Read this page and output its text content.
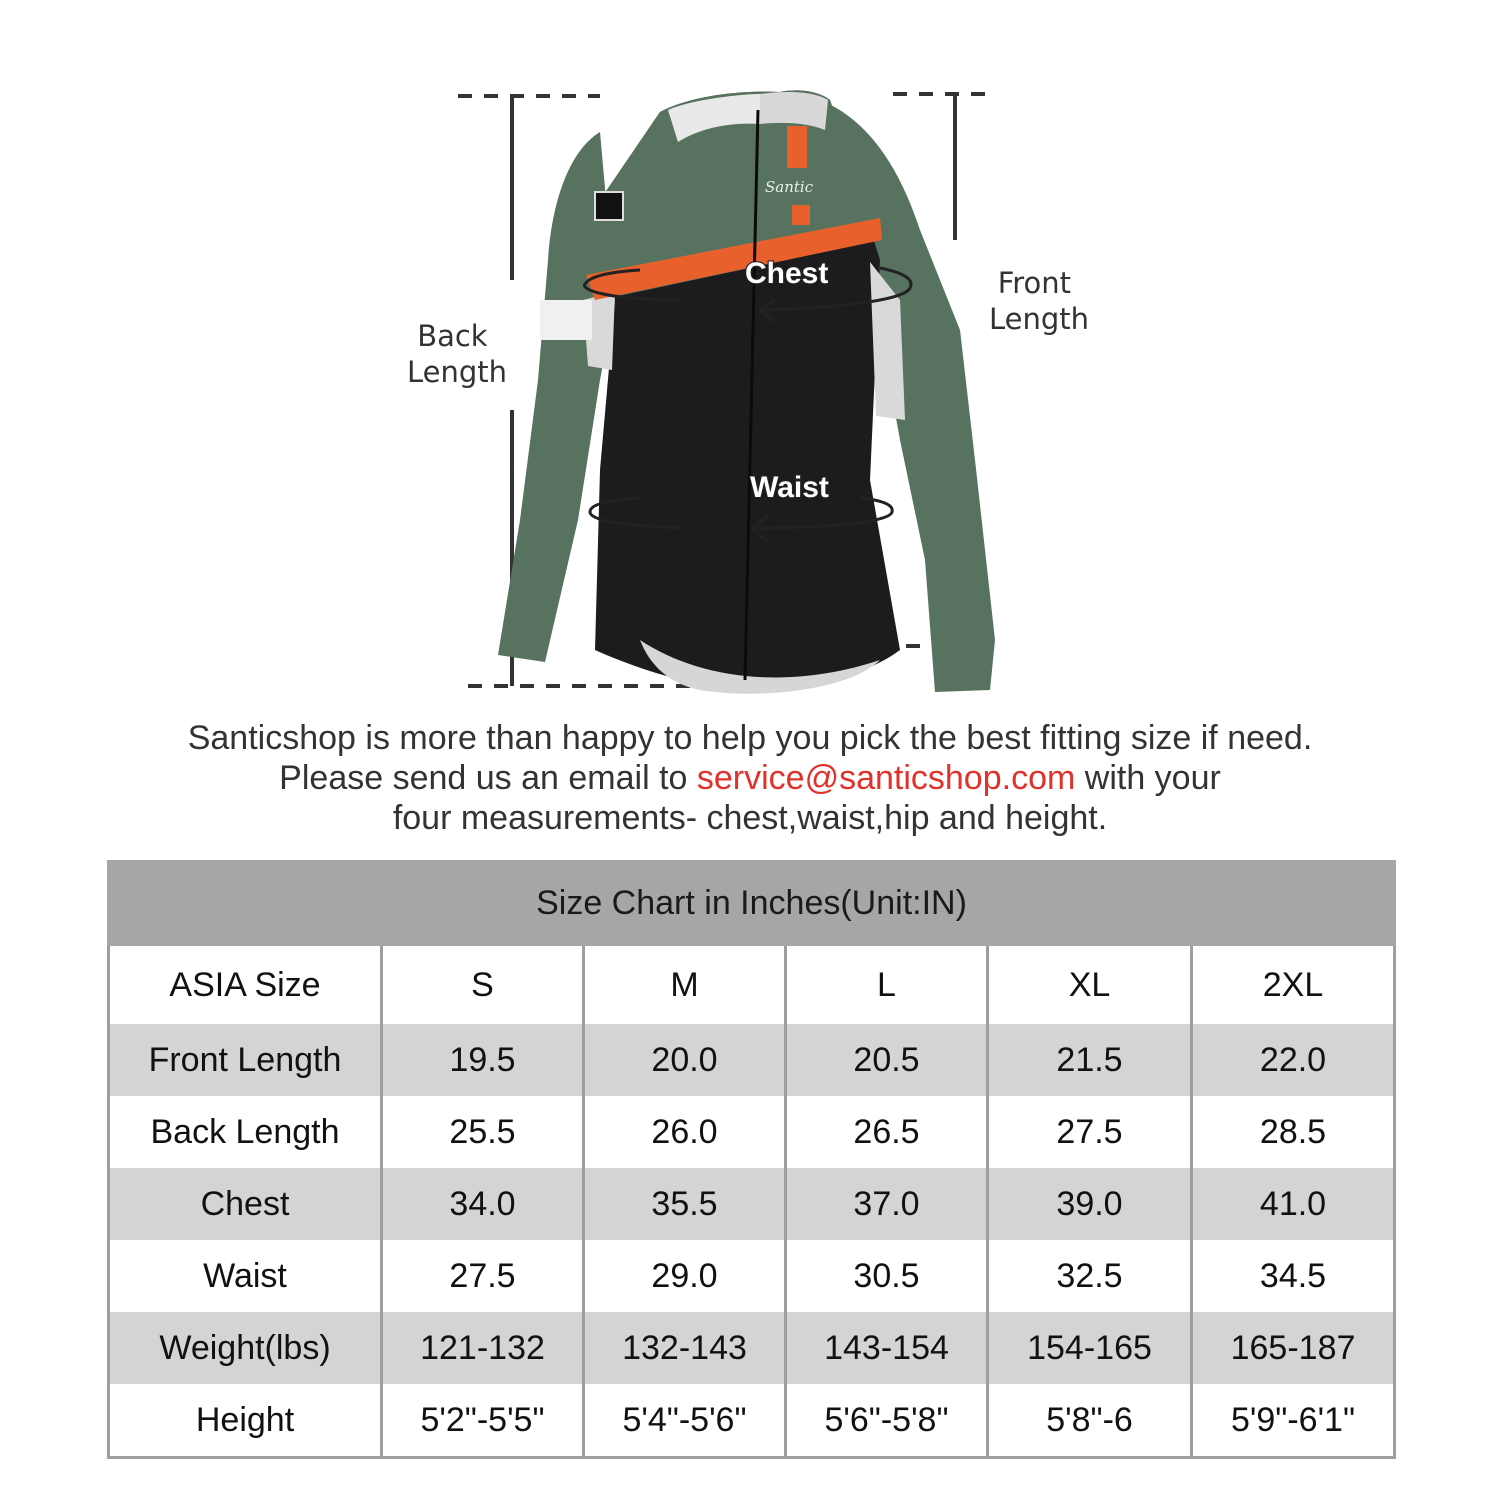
Santic
Chest
Waist
Back Length
Front Length
Santicshop is more than happy to help you pick the best fitting size if need.
Please send us an email to service@santicshop.com with your
four measurements- chest,waist,hip and height.
Size Chart in Inches(Unit:IN)
ASIA Size	S	M	L	XL	2XL
Front Length	19.5	20.0	20.5	21.5	22.0
Back Length	25.5	26.0	26.5	27.5	28.5
Chest	34.0	35.5	37.0	39.0	41.0
Waist	27.5	29.0	30.5	32.5	34.5
Weight(lbs)	121-132	132-143	143-154	154-165	165-187
Height	5'2"-5'5"	5'4"-5'6"	5'6"-5'8"	5'8"-6	5'9"-6'1"
